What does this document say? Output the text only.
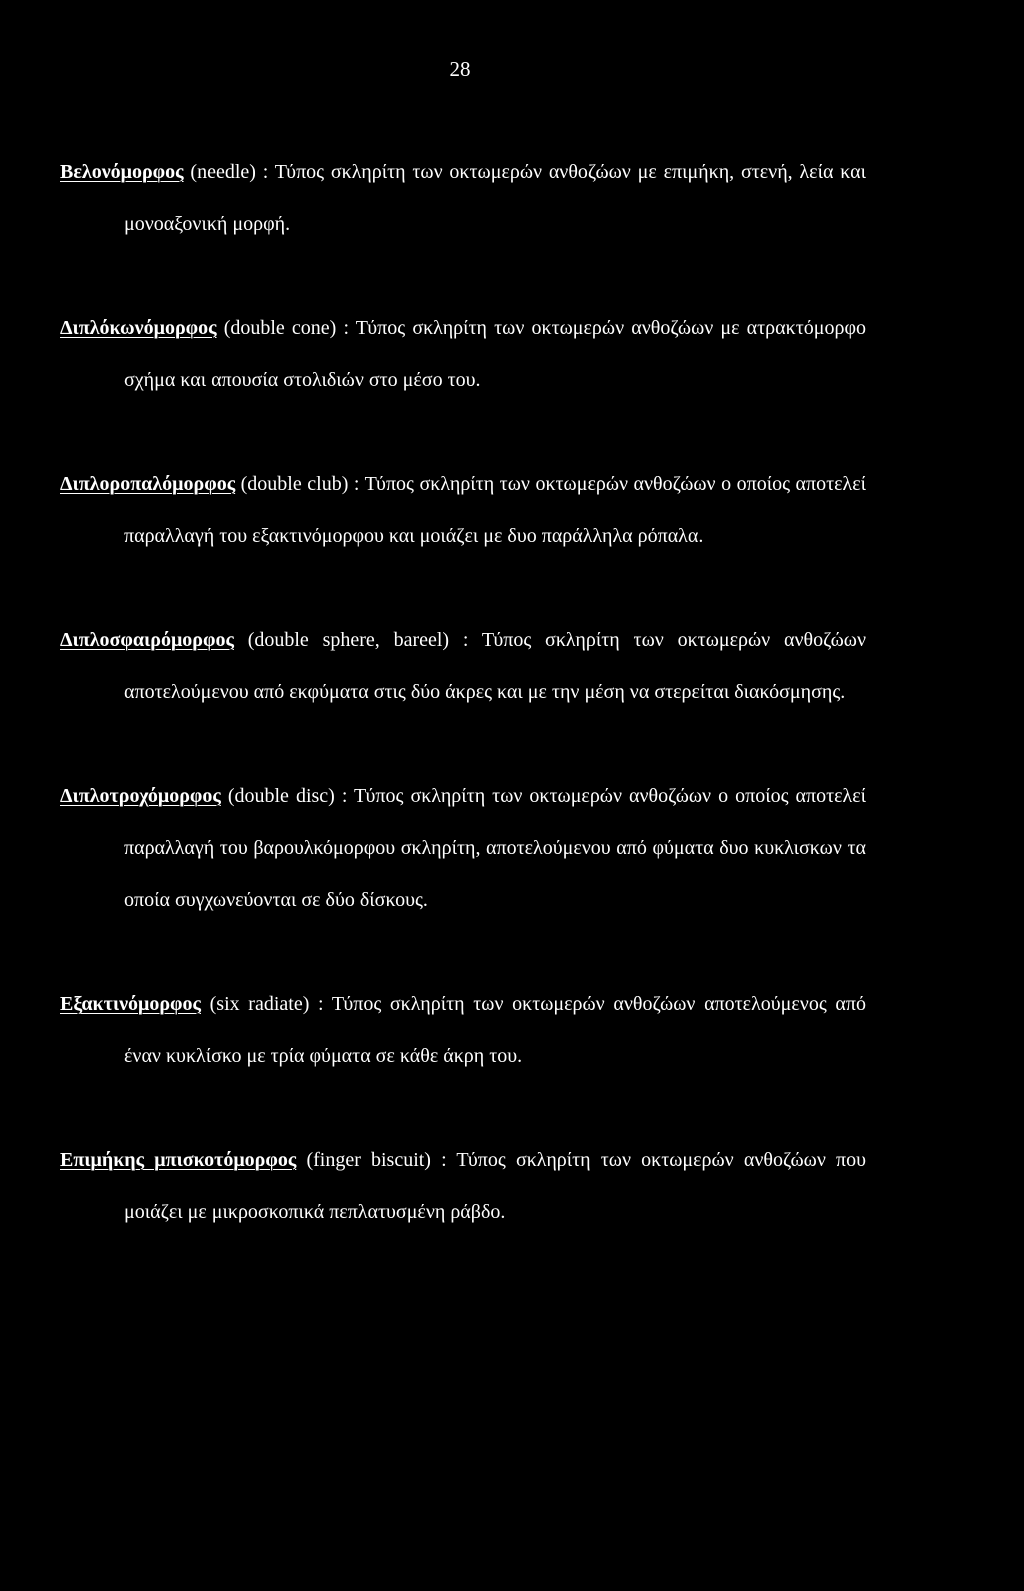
28

Βελονόμορφος (needle) : Τύπος σκληρίτη των οκτωμερών ανθοζώων με επιμήκη, στενή, λεία και μονοαξονική μορφή.

Διπλόκωνόμορφος (double cone) : Τύπος σκληρίτη των οκτωμερών ανθοζώων με ατρακτόμορφο σχήμα και απουσία στολιδιών στο μέσο του.

Διπλοροπαλόμορφος (double club) : Τύπος σκληρίτη των οκτωμερών ανθοζώων ο οποίος αποτελεί παραλλαγή του εξακτινόμορφου και μοιάζει με δυο παράλληλα ρόπαλα.

Διπλοσφαιρόμορφος (double sphere, bareel) : Τύπος σκληρίτη των οκτωμερών ανθοζώων αποτελούμενου από εκφύματα στις δύο άκρες και με την μέση να στερείται διακόσμησης.

Διπλοτροχόμορφος (double disc) : Τύπος σκληρίτη των οκτωμερών ανθοζώων ο οποίος αποτελεί παραλλαγή του βαρουλκόμορφου σκληρίτη, αποτελούμενου από φύματα δυο κυκλισκων τα οποία συγχωνεύονται σε δύο δίσκους.

Εξακτινόμορφος (six radiate) : Τύπος σκληρίτη των οκτωμερών ανθοζώων αποτελούμενος από έναν κυκλίσκο με τρία φύματα σε κάθε άκρη του.

Επιμήκης μπισκοτόμορφος (finger biscuit) : Τύπος σκληρίτη των οκτωμερών ανθοζώων που μοιάζει με μικροσκοπικά πεπλατυσμένη ράβδο.
